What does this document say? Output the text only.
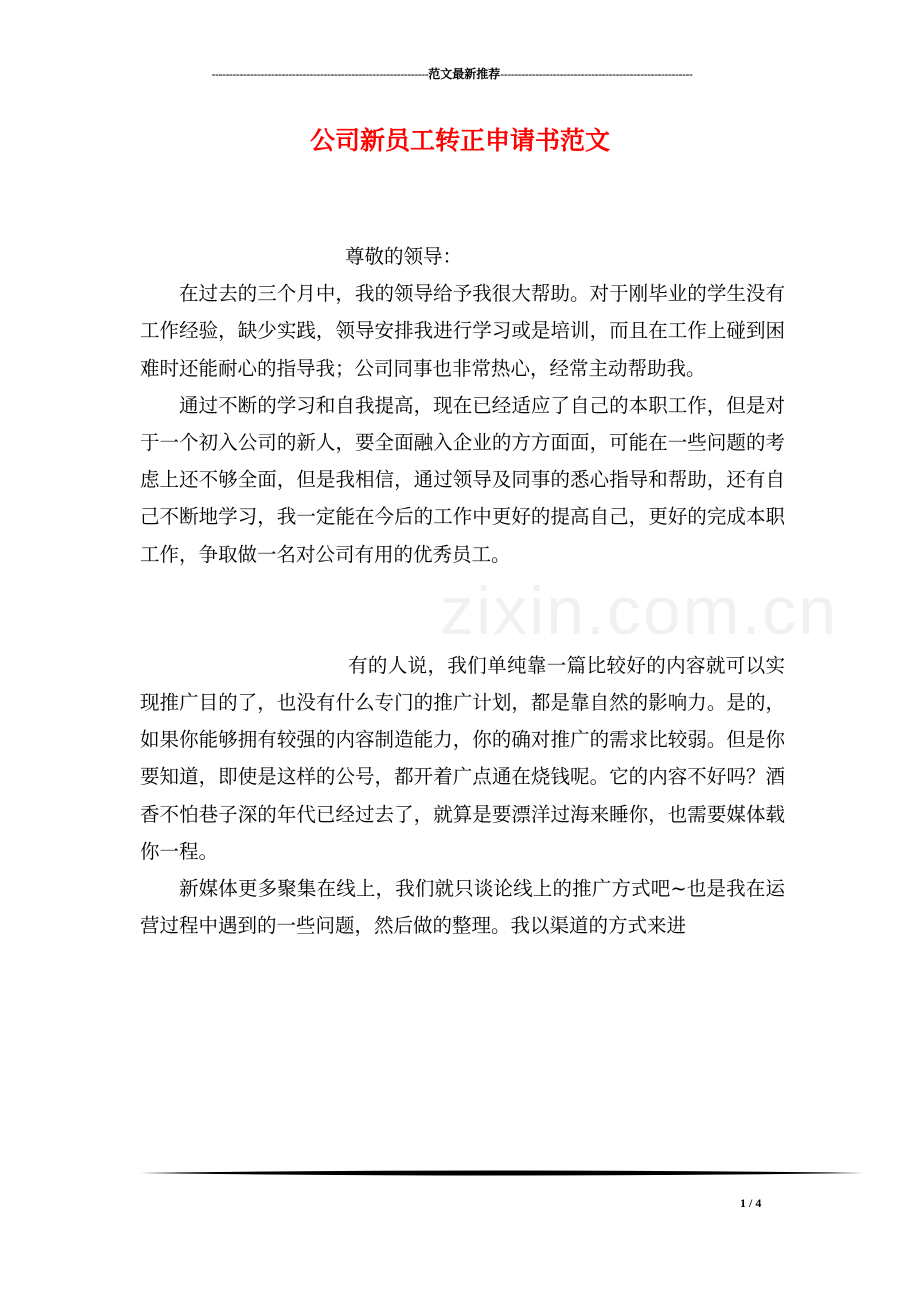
--------------------------------------------------------------范文最新推荐-------------------------------------------------------
公司新员工转正申请书范文
zixin.com.cn

尊敬的领导：

在过去的三个月中，我的领导给予我很大帮助。对于刚毕业的学生没有工作经验，缺少实践，领导安排我进行学习或是培训，而且在工作上碰到困难时还能耐心的指导我；公司同事也非常热心，经常主动帮助我。

通过不断的学习和自我提高，现在已经适应了自己的本职工作，但是对于一个初入公司的新人，要全面融入企业的方方面面，可能在一些问题的考虑上还不够全面，但是我相信，通过领导及同事的悉心指导和帮助，还有自己不断地学习，我一定能在今后的工作中更好的提高自己，更好的完成本职工作，争取做一名对公司有用的优秀员工。

有的人说，我们单纯靠一篇比较好的内容就可以实现推广目的了，也没有什么专门的推广计划，都是靠自然的影响力。是的，如果你能够拥有较强的内容制造能力，你的确对推广的需求比较弱。但是你要知道，即使是这样的公号，都开着广点通在烧钱呢。它的内容不好吗？酒香不怕巷子深的年代已经过去了，就算是要漂洋过海来睡你，也需要媒体载你一程。

新媒体更多聚集在线上，我们就只谈论线上的推广方式吧~也是我在运营过程中遇到的一些问题，然后做的整理。我以渠道的方式来进

1 / 4
